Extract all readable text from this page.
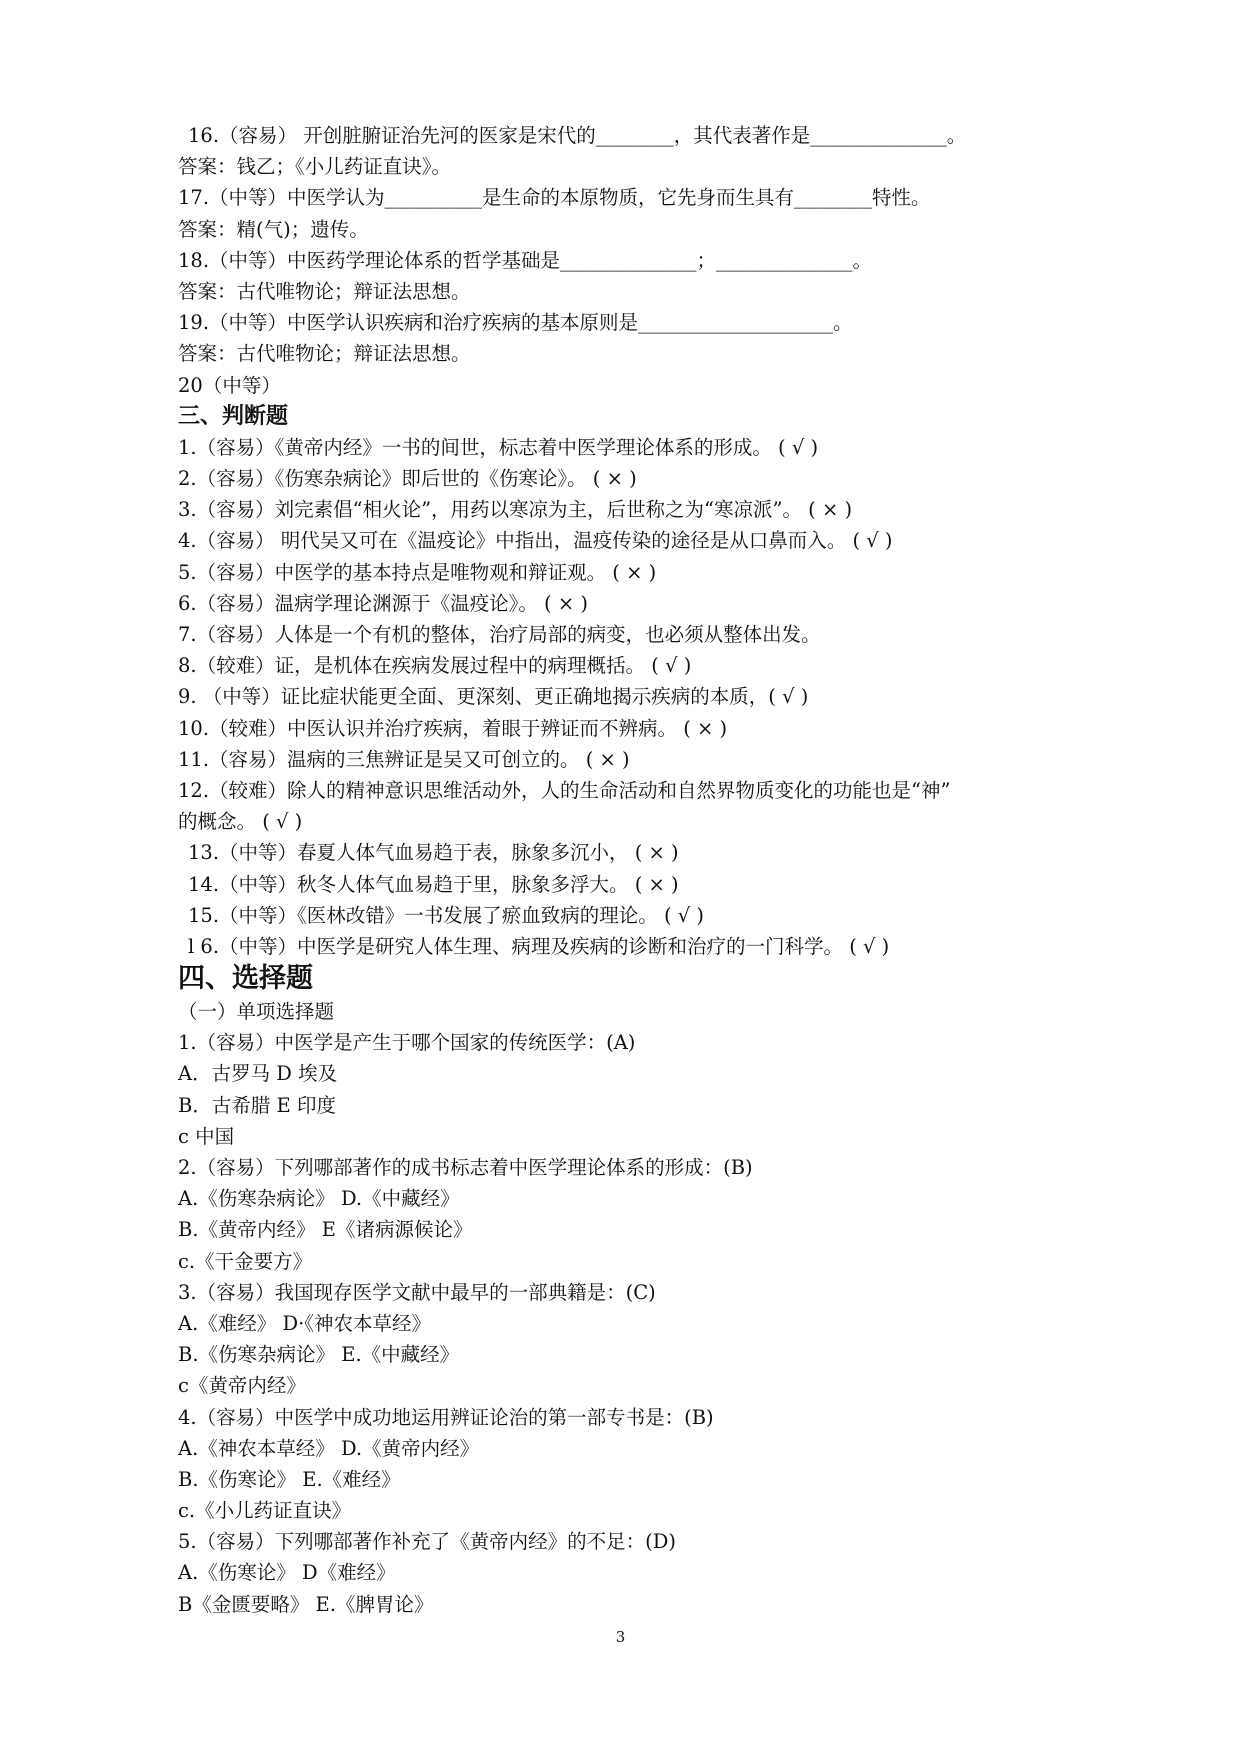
16.（容易） 开创脏腑证治先河的医家是宋代的________，其代表著作是______________。
答案：钱乙；《小儿药证直诀》。
17.（中等）中医学认为__________是生命的本原物质，它先身而生具有________特性。
答案：精(气)；遗传。
18.（中等）中医药学理论体系的哲学基础是______________；______________。
答案：古代唯物论；辩证法思想。
19.（中等）中医学认识疾病和治疗疾病的基本原则是____________________。
答案：古代唯物论；辩证法思想。
20（中等）
三、判断题
1.（容易）《黄帝内经》一书的间世，标志着中医学理论体系的形成。 ( √ )
2.（容易）《伤寒杂病论》即后世的《伤寒论》。 ( × )
3.（容易）刘完素倡“相火论”，用药以寒凉为主，后世称之为“寒凉派”。 ( × )
4.（容易） 明代吴又可在《温疫论》中指出，温疫传染的途径是从口鼻而入。 ( √ )
5.（容易）中医学的基本持点是唯物观和辩证观。 ( × )
6.（容易）温病学理论渊源于《温疫论》。 ( × )
7.（容易）人体是一个有机的整体，治疗局部的病变，也必须从整体出发。
8.（较难）证，是机体在疾病发展过程中的病理概括。 ( √ )
9. （中等）证比症状能更全面、更深刻、更正确地揭示疾病的本质，( √ )
10.（较难）中医认识并治疗疾病，着眼于辨证而不辨病。 ( × )
11.（容易）温病的三焦辨证是吴又可创立的。 ( × )
12.（较难）除人的精神意识思维活动外，人的生命活动和自然界物质变化的功能也是“神”
的概念。 ( √ )
13.（中等）春夏人体气血易趋于表，脉象多沉小， ( × )
14.（中等）秋冬人体气血易趋于里，脉象多浮大。 ( × )
15.（中等）《医林改错》一书发展了瘀血致病的理论。 ( √ )
l 6.（中等）中医学是研究人体生理、病理及疾病的诊断和治疗的一门科学。 ( √ )
四、选择题
（一）单项选择题
1.（容易）中医学是产生于哪个国家的传统医学：(A)
A．古罗马 D 埃及
B．古希腊 E 印度
c 中国
2.（容易）下列哪部著作的成书标志着中医学理论体系的形成：(B)
A.《伤寒杂病论》 D.《中藏经》
B.《黄帝内经》 E《诸病源候论》
c.《干金要方》
3.（容易）我国现存医学文献中最早的一部典籍是：(C)
A.《难经》 D·《神农本草经》
B.《伤寒杂病论》 E.《中藏经》
c《黄帝内经》
4.（容易）中医学中成功地运用辨证论治的第一部专书是：(B)
A.《神农本草经》 D.《黄帝内经》
B.《伤寒论》 E.《难经》
c.《小儿药证直诀》
5.（容易）下列哪部著作补充了《黄帝内经》的不足：(D)
A.《伤寒论》 D《难经》
B《金匮要略》 E.《脾胃论》
3
